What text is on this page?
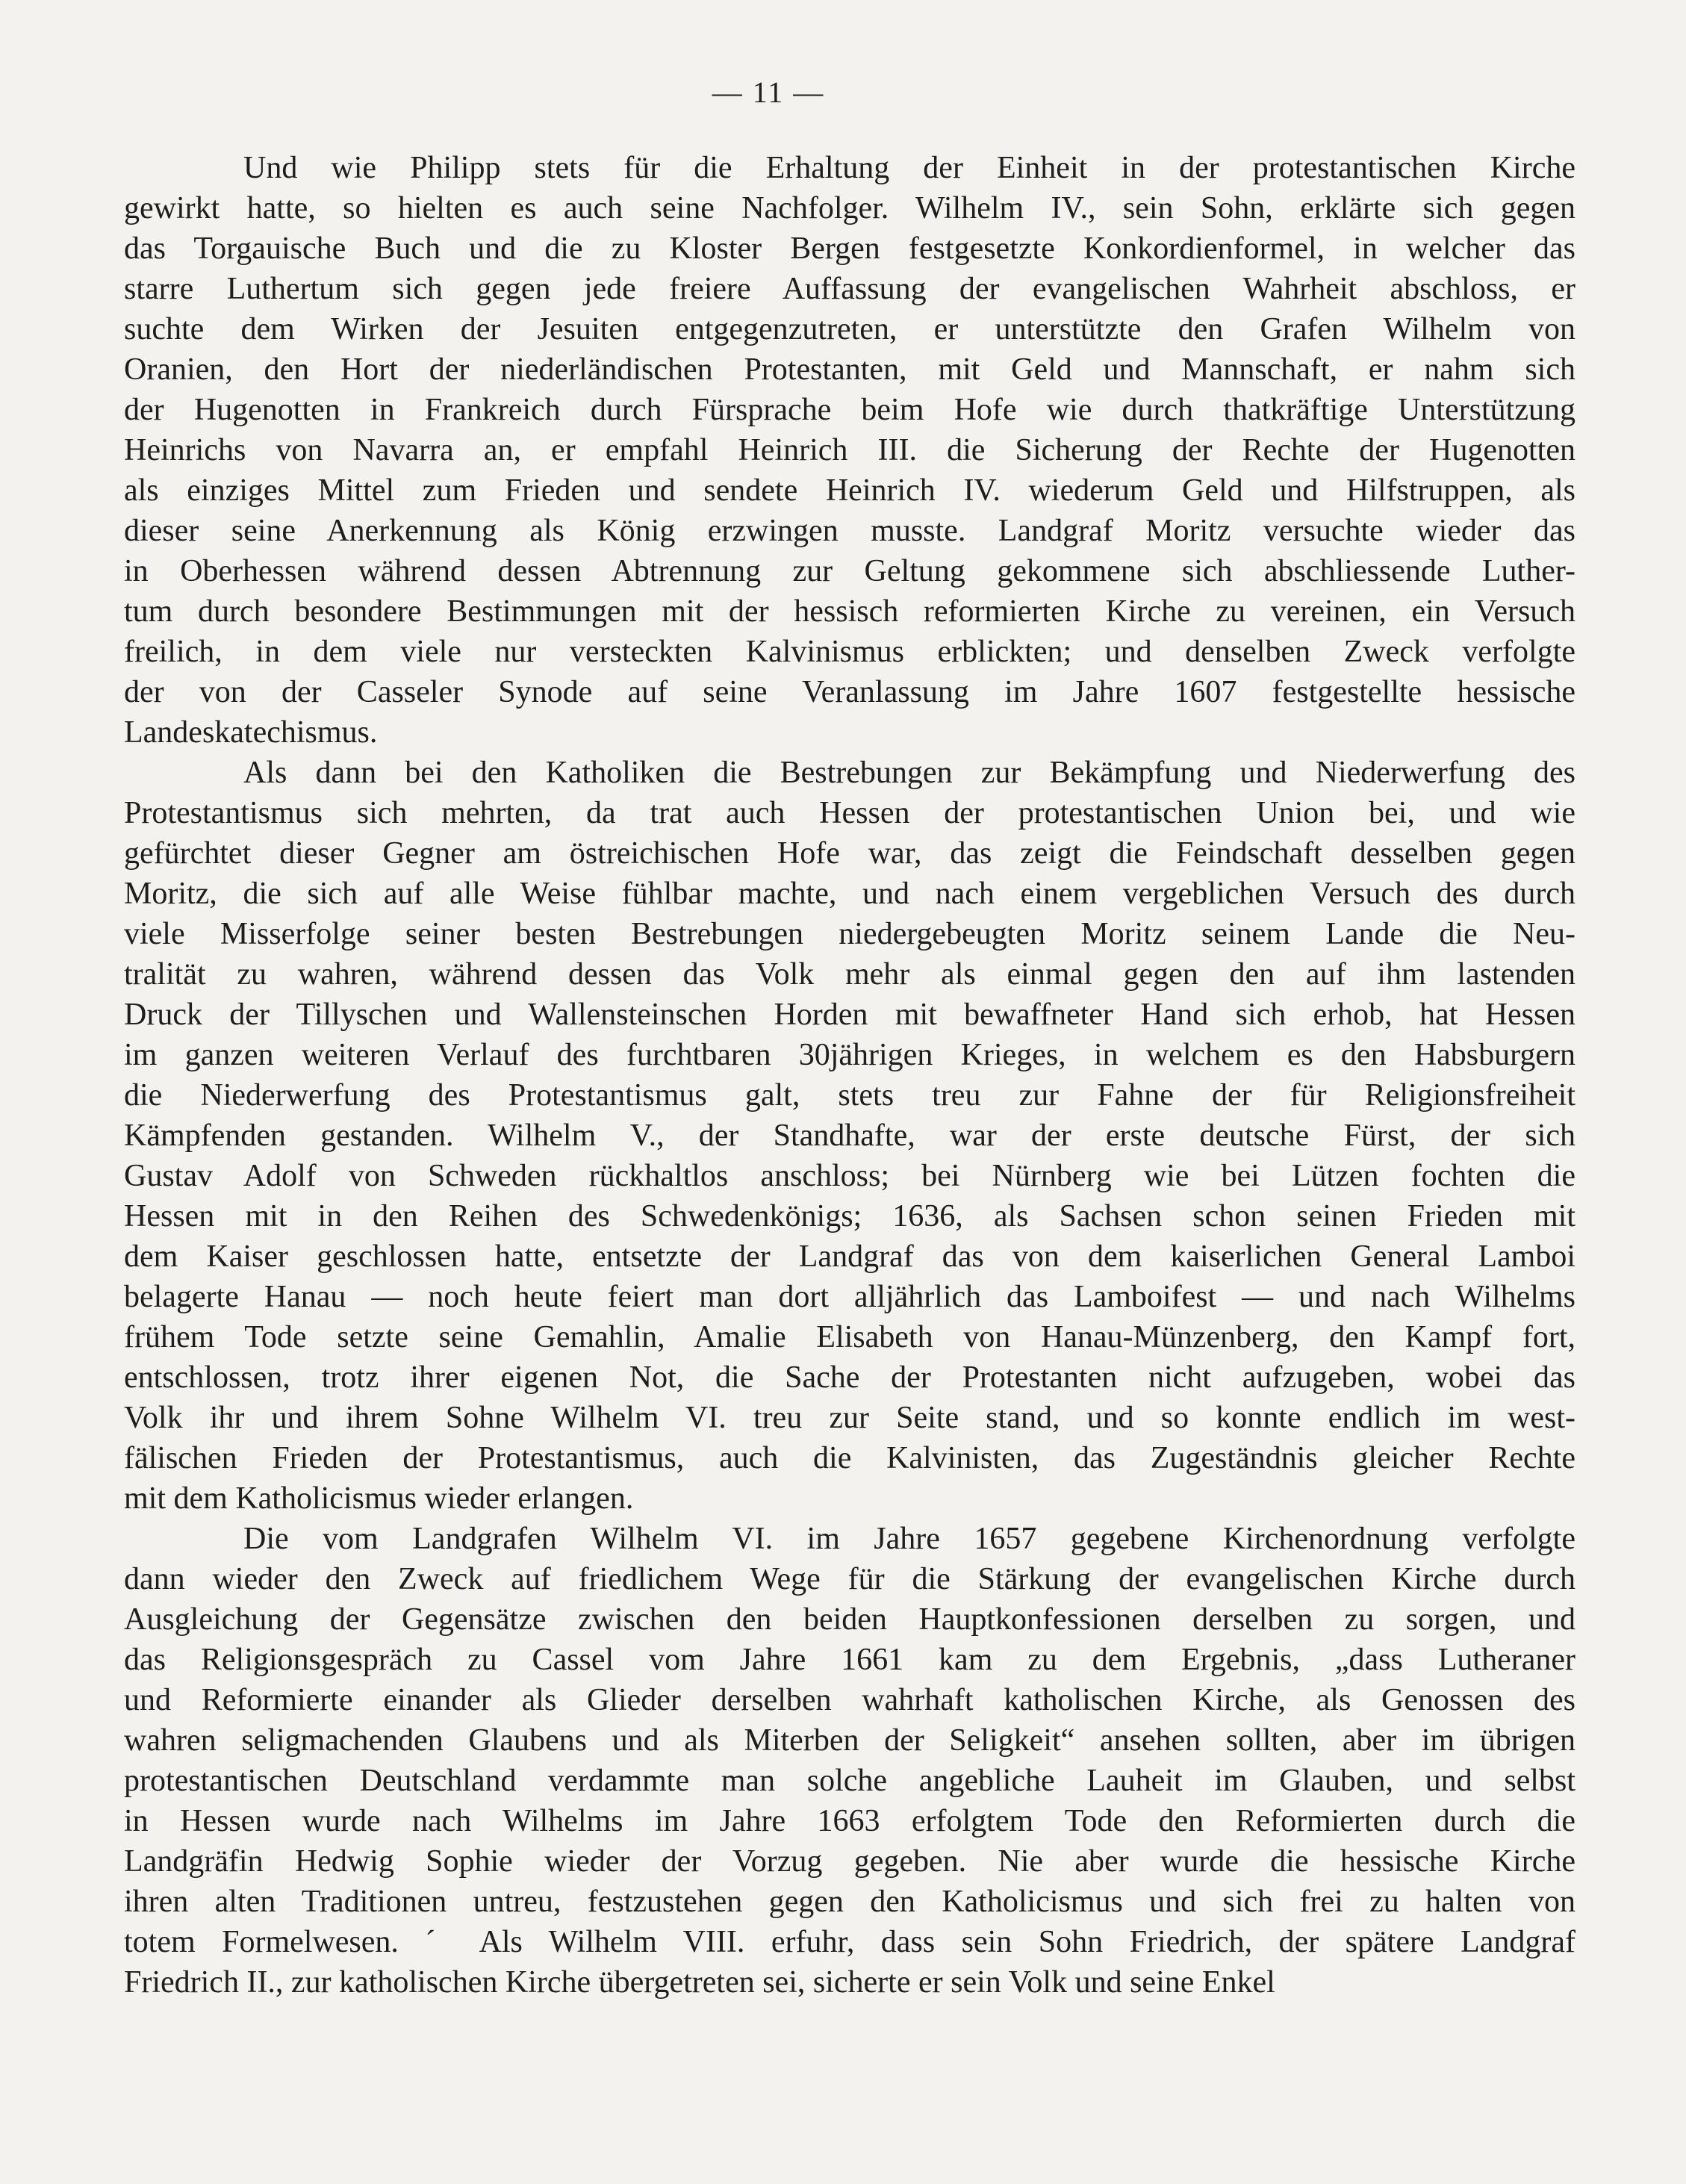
— 11 —
Und wie Philipp stets für die Erhaltung der Einheit in der protestantischen Kirche
gewirkt hatte, so hielten es auch seine Nachfolger. Wilhelm IV., sein Sohn, erklärte sich gegen
das Torgauische Buch und die zu Kloster Bergen festgesetzte Konkordienformel, in welcher das
starre Luthertum sich gegen jede freiere Auffassung der evangelischen Wahrheit abschloss, er
suchte dem Wirken der Jesuiten entgegenzutreten, er unterstützte den Grafen Wilhelm von
Oranien, den Hort der niederländischen Protestanten, mit Geld und Mannschaft, er nahm sich
der Hugenotten in Frankreich durch Fürsprache beim Hofe wie durch thatkräftige Unterstützung
Heinrichs von Navarra an, er empfahl Heinrich III. die Sicherung der Rechte der Hugenotten
als einziges Mittel zum Frieden und sendete Heinrich IV. wiederum Geld und Hilfstruppen, als
dieser seine Anerkennung als König erzwingen musste. Landgraf Moritz versuchte wieder das
in Oberhessen während dessen Abtrennung zur Geltung gekommene sich abschliessende Luther-
tum durch besondere Bestimmungen mit der hessisch reformierten Kirche zu vereinen, ein Versuch
freilich, in dem viele nur versteckten Kalvinismus erblickten; und denselben Zweck verfolgte
der von der Casseler Synode auf seine Veranlassung im Jahre 1607 festgestellte hessische
Landeskatechismus.
Als dann bei den Katholiken die Bestrebungen zur Bekämpfung und Niederwerfung des
Protestantismus sich mehrten, da trat auch Hessen der protestantischen Union bei, und wie
gefürchtet dieser Gegner am östreichischen Hofe war, das zeigt die Feindschaft desselben gegen
Moritz, die sich auf alle Weise fühlbar machte, und nach einem vergeblichen Versuch des durch
viele Misserfolge seiner besten Bestrebungen niedergebeugten Moritz seinem Lande die Neu-
tralität zu wahren, während dessen das Volk mehr als einmal gegen den auf ihm lastenden
Druck der Tillyschen und Wallensteinschen Horden mit bewaffneter Hand sich erhob, hat Hessen
im ganzen weiteren Verlauf des furchtbaren 30jährigen Krieges, in welchem es den Habsburgern
die Niederwerfung des Protestantismus galt, stets treu zur Fahne der für Religionsfreiheit
Kämpfenden gestanden. Wilhelm V., der Standhafte, war der erste deutsche Fürst, der sich
Gustav Adolf von Schweden rückhaltlos anschloss; bei Nürnberg wie bei Lützen fochten die
Hessen mit in den Reihen des Schwedenkönigs; 1636, als Sachsen schon seinen Frieden mit
dem Kaiser geschlossen hatte, entsetzte der Landgraf das von dem kaiserlichen General Lamboi
belagerte Hanau — noch heute feiert man dort alljährlich das Lamboifest — und nach Wilhelms
frühem Tode setzte seine Gemahlin, Amalie Elisabeth von Hanau-Münzenberg, den Kampf fort,
entschlossen, trotz ihrer eigenen Not, die Sache der Protestanten nicht aufzugeben, wobei das
Volk ihr und ihrem Sohne Wilhelm VI. treu zur Seite stand, und so konnte endlich im west-
fälischen Frieden der Protestantismus, auch die Kalvinisten, das Zugeständnis gleicher Rechte
mit dem Katholicismus wieder erlangen.
Die vom Landgrafen Wilhelm VI. im Jahre 1657 gegebene Kirchenordnung verfolgte
dann wieder den Zweck auf friedlichem Wege für die Stärkung der evangelischen Kirche durch
Ausgleichung der Gegensätze zwischen den beiden Hauptkonfessionen derselben zu sorgen, und
das Religionsgespräch zu Cassel vom Jahre 1661 kam zu dem Ergebnis, „dass Lutheraner
und Reformierte einander als Glieder derselben wahrhaft katholischen Kirche, als Genossen des
wahren seligmachenden Glaubens und als Miterben der Seligkeit“ ansehen sollten, aber im übrigen
protestantischen Deutschland verdammte man solche angebliche Lauheit im Glauben, und selbst
in Hessen wurde nach Wilhelms im Jahre 1663 erfolgtem Tode den Reformierten durch die
Landgräfin Hedwig Sophie wieder der Vorzug gegeben. Nie aber wurde die hessische Kirche
ihren alten Traditionen untreu, festzustehen gegen den Katholicismus und sich frei zu halten von
totem Formelwesen. ˊ Als Wilhelm VIII. erfuhr, dass sein Sohn Friedrich, der spätere Landgraf
Friedrich II., zur katholischen Kirche übergetreten sei, sicherte er sein Volk und seine Enkel
